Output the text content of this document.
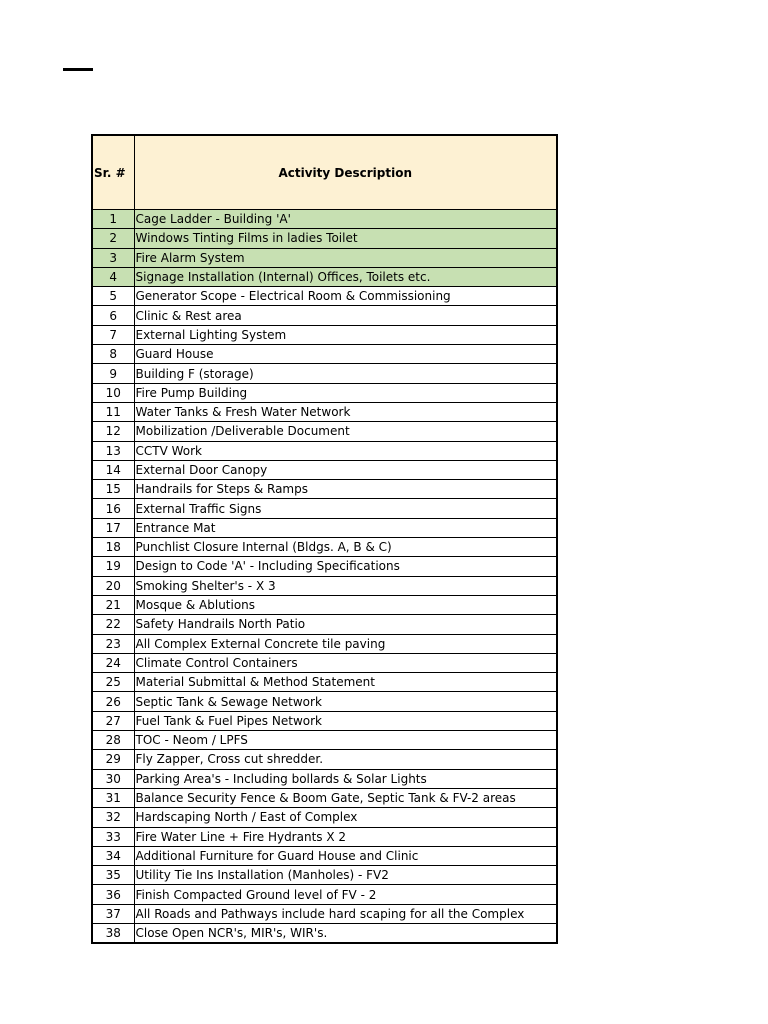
Sr. #	Activity Description
1	Cage Ladder - Building 'A'
2	Windows Tinting Films in ladies Toilet
3	Fire Alarm System
4	Signage Installation (Internal) Offices, Toilets etc.
5	Generator Scope - Electrical Room & Commissioning
6	Clinic & Rest area
7	External Lighting System
8	Guard House
9	Building F (storage)
10	Fire Pump Building
11	Water Tanks & Fresh Water Network
12	Mobilization /Deliverable Document
13	CCTV Work
14	External Door Canopy
15	Handrails for Steps & Ramps
16	External Traffic Signs
17	Entrance Mat
18	Punchlist Closure Internal (Bldgs. A, B & C)
19	Design to Code 'A' - Including Specifications
20	Smoking Shelter's - X 3
21	Mosque & Ablutions
22	Safety Handrails North Patio
23	All Complex External Concrete tile paving
24	Climate Control Containers
25	Material Submittal & Method Statement
26	Septic Tank & Sewage Network
27	Fuel Tank & Fuel Pipes Network
28	TOC - Neom / LPFS
29	Fly Zapper, Cross cut shredder.
30	Parking Area's - Including bollards & Solar Lights
31	Balance Security Fence & Boom Gate, Septic Tank & FV-2 areas
32	Hardscaping North / East of Complex
33	Fire Water Line + Fire Hydrants X 2
34	Additional Furniture for Guard House and Clinic
35	Utility Tie Ins Installation (Manholes) - FV2
36	Finish Compacted Ground level of FV - 2
37	All Roads and Pathways include hard scaping for all the Complex
38	Close Open NCR's, MIR's, WIR's.
